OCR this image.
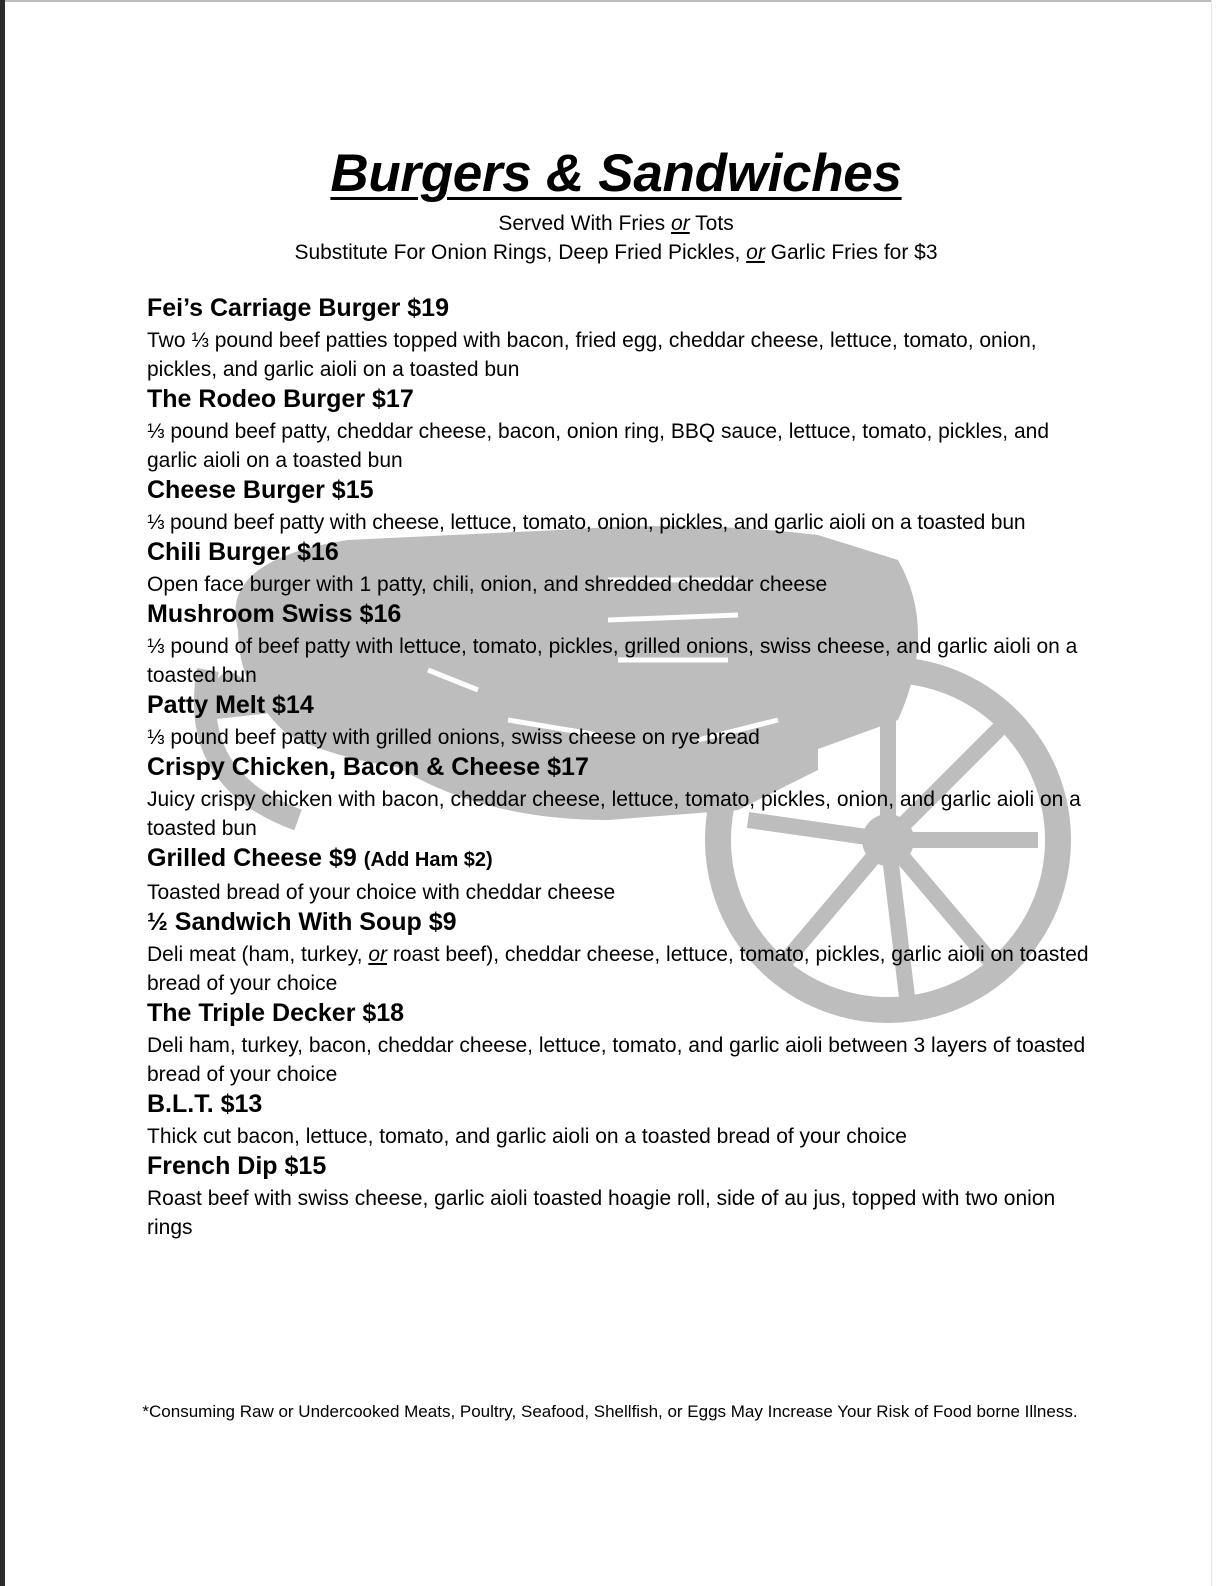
Burgers & Sandwiches
Served With Fries or Tots
Substitute For Onion Rings, Deep Fried Pickles, or Garlic Fries for $3

Fei’s Carriage Burger $19

Two ⅓ pound beef patties topped with bacon, fried egg, cheddar cheese, lettuce, tomato, onion, pickles, and garlic aioli on a toasted bun

The Rodeo Burger $17

⅓ pound beef patty, cheddar cheese, bacon, onion ring, BBQ sauce, lettuce, tomato, pickles, and garlic aioli on a toasted bun

Cheese Burger $15

⅓ pound beef patty with cheese, lettuce, tomato, onion, pickles, and garlic aioli on a toasted bun

Chili Burger $16

Open face burger with 1 patty, chili, onion, and shredded cheddar cheese

Mushroom Swiss $16

⅓ pound of beef patty with lettuce, tomato, pickles, grilled onions, swiss cheese, and garlic aioli on a toasted bun

Patty Melt $14

⅓ pound beef patty with grilled onions, swiss cheese on rye bread

Crispy Chicken, Bacon & Cheese $17

Juicy crispy chicken with bacon, cheddar cheese, lettuce, tomato, pickles, onion, and garlic aioli on a toasted bun

Grilled Cheese $9 (Add Ham $2)

Toasted bread of your choice with cheddar cheese

½ Sandwich With Soup $9

Deli meat (ham, turkey, or roast beef), cheddar cheese, lettuce, tomato, pickles, garlic aioli on toasted bread of your choice

The Triple Decker $18

Deli ham, turkey, bacon, cheddar cheese, lettuce, tomato, and garlic aioli between 3 layers of toasted bread of your choice

B.L.T. $13

Thick cut bacon, lettuce, tomato, and garlic aioli on a toasted bread of your choice

French Dip $15

Roast beef with swiss cheese, garlic aioli toasted hoagie roll, side of au jus, topped with two onion rings

*Consuming Raw or Undercooked Meats, Poultry, Seafood, Shellfish, or Eggs May Increase Your Risk of Food borne Illness.
